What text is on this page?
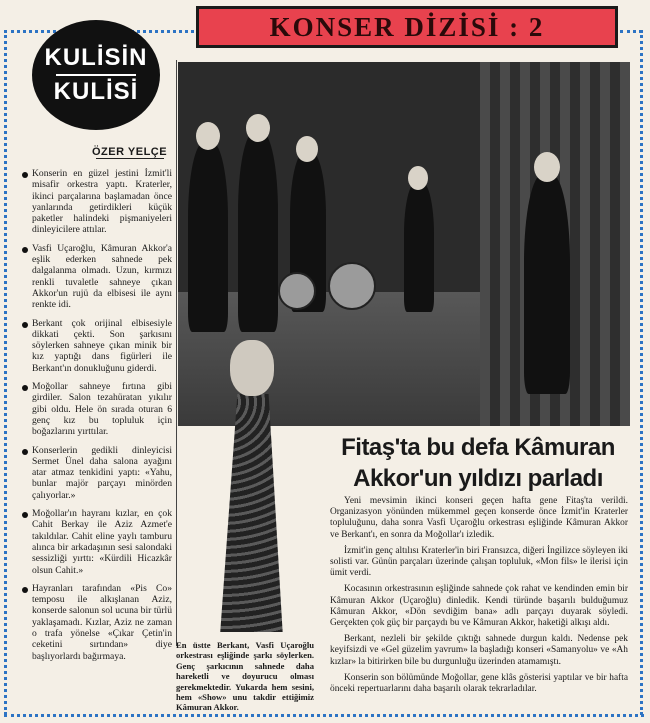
KONSER DİZİSİ : 2
KULİSİN
KULİSİ
ÖZER YELÇE
Konserin en güzel jestini İzmit'li misafir orkestra yaptı. Kraterler, ikinci parçalarına başlamadan önce yanlarında getirdikleri küçük paketler halindeki pişmaniyeleri dinleyicilere attılar.
Vasfi Uçaroğlu, Kâmuran Akkor'a eşlik ederken sahnede pek dalgalanma olmadı. Uzun, kırmızı renkli tuvaletle sahneye çıkan Akkor'un rujü da elbisesi ile aynı renkte idi.
Berkant çok orijinal elbisesiyle dikkati çekti. Son şarkısını söylerken sahneye çıkan minik bir kız yaptığı dans figürleri ile Berkant'ın donukluğunu giderdi.
Moğollar sahneye fırtına gibi girdiler. Salon tezahüratan yıkılır gibi oldu. Hele ön sırada oturan 6 genç kız bu topluluk için boğazlarını yırttılar.
Konserlerin gedikli dinleyicisi Sermet Ünel daha salona ayağını atar atmaz tenkidini yaptı: «Yahu, bunlar majör parçayı minörden çalıyorlar.»
Moğollar'ın hayranı kızlar, en çok Cahit Berkay ile Aziz Azmet'e takıldılar. Cahit eline yaylı tamburu alınca bir arkadaşının sesi salondaki sessizliği yırttı: «Kürdili Hicazkâr olsun Cahit.»
Hayranları tarafından «Pis Co» temposu ile alkışlanan Aziz, konserde salonun sol ucuna bir türlü yaklaşamadı. Kızlar, Aziz ne zaman o trafa yönelse «Çıkar Çetin'in ceketini sırtından» diye başlıyorlardı bağırmaya.
En üstte Berkant, Vasfi Uçaroğlu orkestrası eşliğinde şarkı söylerken. Genç şarkıcının sahnede daha hareketli ve doyurucu olması gerekmektedir. Yukarda hem sesini, hem «Show» unu takdir ettiğimiz Kâmuran Akkor.
Fitaş'ta bu defa Kâmuran
Akkor'un yıldızı parladı

Yeni mevsimin ikinci konseri geçen hafta gene Fitaş'ta verildi. Organizasyon yönünden mükemmel geçen konserde önce İzmit'in Kraterler topluluğunu, daha sonra Vasfi Uçaroğlu orkestrası eşliğinde Kâmuran Akkor ve Berkant'ı, en sonra da Moğollar'ı izledik.

İzmit'in genç altılısı Kraterler'in biri Fransızca, diğeri İngilizce söyleyen iki solisti var. Günün parçaları üzerinde çalışan topluluk, «Mon fils» le ilerisi için ümit verdi.

Kocasının orkestrasının eşliğinde sahnede çok rahat ve kendinden emin bir Kâmuran Akkor (Uçaroğlu) dinledik. Kendi türünde başarılı bulduğumuz Kâmuran Akkor, «Dön sevdiğim bana» adlı parçayı duyarak söyledi. Gerçekten çok güç bir parçaydı bu ve Kâmuran Akkor, haketiği alkışı aldı.

Berkant, nezleli bir şekilde çıktığı sahnede durgun kaldı. Nedense pek keyifsizdi ve «Gel güzelim yavrum» la başladığı konseri «Samanyolu» ve «Ah kızlar» la bitirirken bile bu durgunluğu üzerinden atamamıştı.

Konserin son bölümünde Moğollar, gene klâs gösterisi yaptılar ve bir hafta önceki repertuarlarını daha başarılı olarak tekrarladılar.
